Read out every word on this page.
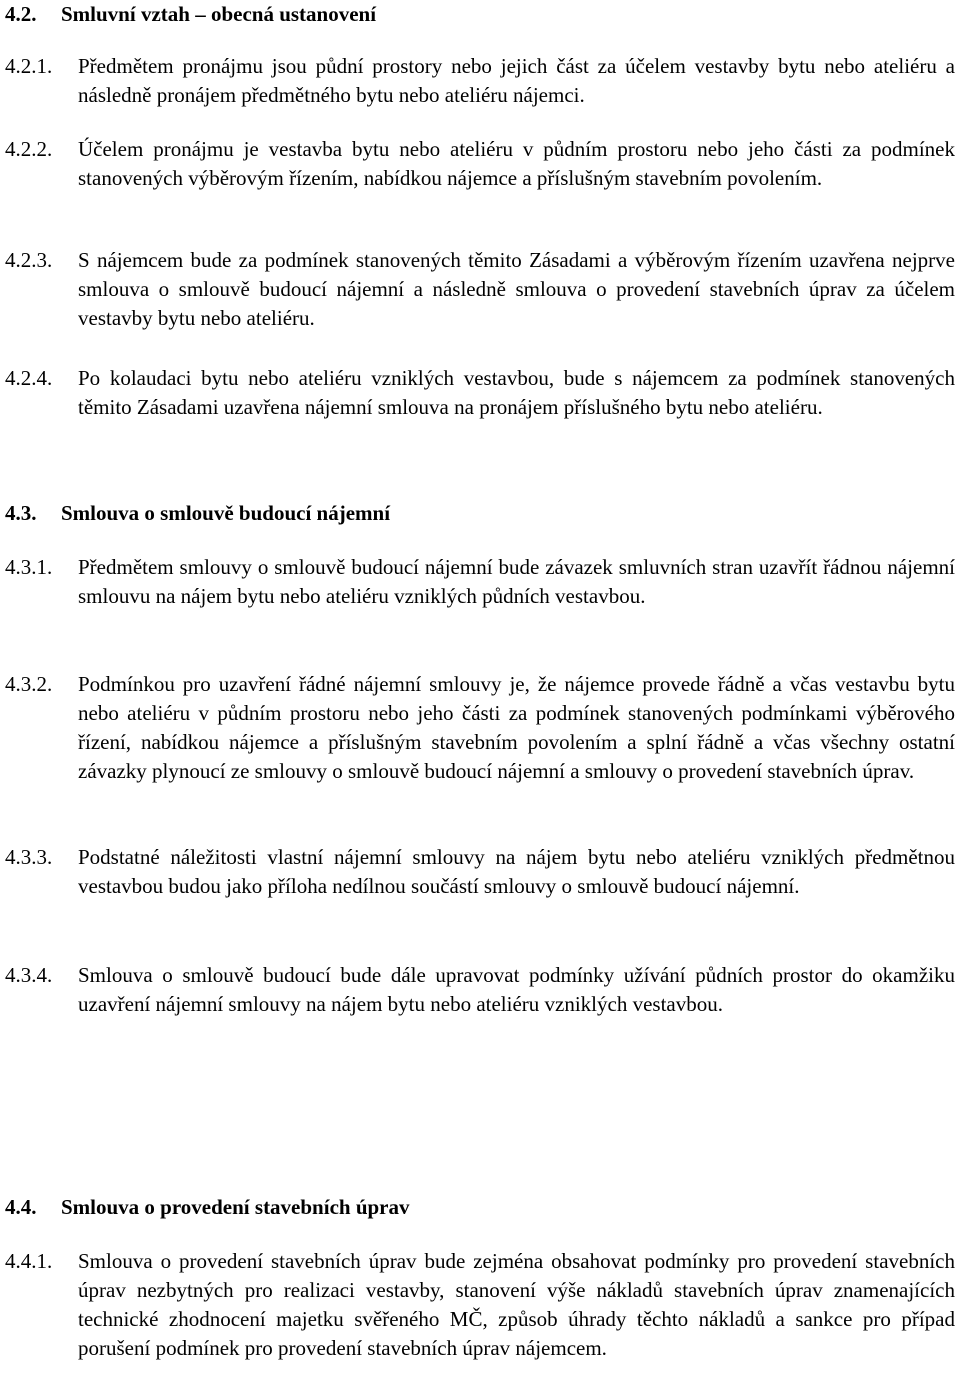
4.2. Smluvní vztah – obecná ustanovení
4.2.1. Předmětem pronájmu jsou půdní prostory nebo jejich část za účelem vestavby bytu nebo ateliéru a následně pronájem předmětného bytu nebo ateliéru nájemci.
4.2.2. Účelem pronájmu je vestavba bytu nebo ateliéru v půdním prostoru nebo jeho části za podmínek stanovených výběrovým řízením, nabídkou nájemce a příslušným stavebním povolením.
4.2.3. S nájemcem bude za podmínek stanovených těmito Zásadami a výběrovým řízením uzavřena nejprve smlouva o smlouvě budoucí nájemní a následně smlouva o provedení stavebních úprav za účelem vestavby bytu nebo ateliéru.
4.2.4. Po kolaudaci bytu nebo ateliéru vzniklých vestavbou, bude s nájemcem za podmínek stanovených těmito Zásadami uzavřena nájemní smlouva na pronájem příslušného bytu nebo ateliéru.
4.3. Smlouva o smlouvě budoucí nájemní
4.3.1. Předmětem smlouvy o smlouvě budoucí nájemní bude závazek smluvních stran uzavřít řádnou nájemní smlouvu na nájem bytu nebo ateliéru vzniklých půdních vestavbou.
4.3.2. Podmínkou pro uzavření řádné nájemní smlouvy je, že nájemce provede řádně a včas vestavbu bytu nebo ateliéru v půdním prostoru nebo jeho části za podmínek stanovených podmínkami výběrového řízení, nabídkou nájemce a příslušným stavebním povolením a splní řádně a včas všechny ostatní závazky plynoucí ze smlouvy o smlouvě budoucí nájemní a smlouvy o provedení stavebních úprav.
4.3.3. Podstatné náležitosti vlastní nájemní smlouvy na nájem bytu nebo ateliéru vzniklých předmětnou vestavbou budou jako příloha nedílnou součástí smlouvy o smlouvě budoucí nájemní.
4.3.4. Smlouva o smlouvě budoucí bude dále upravovat podmínky užívání půdních prostor do okamžiku uzavření nájemní smlouvy na nájem bytu nebo ateliéru vzniklých vestavbou.
4.4. Smlouva o provedení stavebních úprav
4.4.1. Smlouva o provedení stavebních úprav bude zejména obsahovat podmínky pro provedení stavebních úprav nezbytných pro realizaci vestavby, stanovení výše nákladů stavebních úprav znamenajících technické zhodnocení majetku svěřeného MČ, způsob úhrady těchto nákladů a sankce pro případ porušení podmínek pro provedení stavebních úprav nájemcem.
